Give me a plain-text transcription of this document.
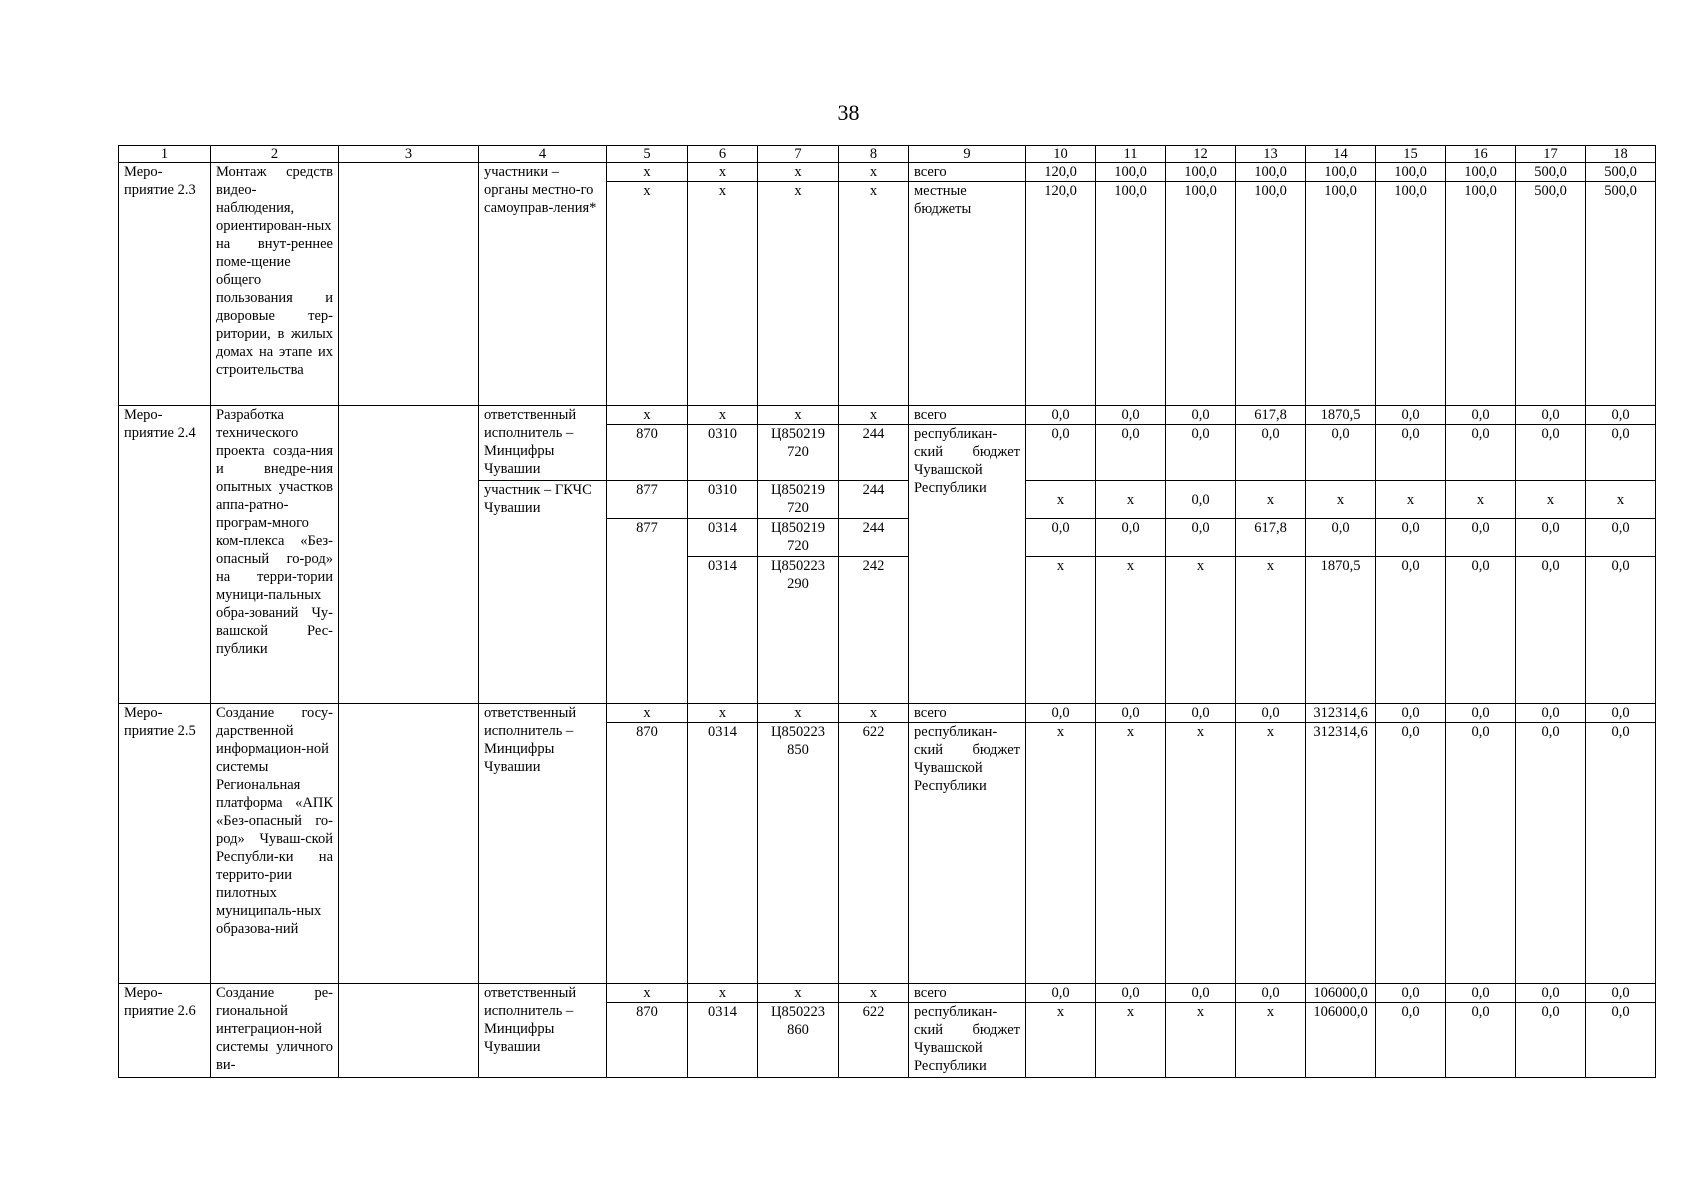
38
1	2	3	4	5	6	7	8	9	10	11	12	13	14	15	16	17	18
Меро-приятие 2.3	Монтаж средств видео-наблюдения, ориентирован-ных на внут-реннее поме-щение общего пользования и дворовые тер-ритории, в жилых домах на этапе их строительства		участники – органы местно-го самоуправ-ления*	x	x	x	x	всего	120,0	100,0	100,0	100,0	100,0	100,0	100,0	500,0	500,0
				x	x	x	x	местные бюджеты	120,0	100,0	100,0	100,0	100,0	100,0	100,0	500,0	500,0
Меро-приятие 2.4	Разработка технического проекта созда-ния и внедре-ния опытных участков аппа-ратно-програм-много ком-плекса «Без-опасный го-род» на терри-тории муници-пальных обра-зований Чу-вашской Рес-публики		ответственный исполнитель – Минцифры Чувашии	x	x	x	x	всего	0,0	0,0	0,0	617,8	1870,5	0,0	0,0	0,0	0,0
				870	0310	Ц850219 720	244	республикан-ский бюджет Чувашской Республики	0,0	0,0	0,0	0,0	0,0	0,0	0,0	0,0	0,0
			участник – ГКЧС Чувашии	877	0310	Ц850219 720	244		x	x	0,0	x	x	x	x	x	x
				877	0314	Ц850219 720	244		0,0	0,0	0,0	617,8	0,0	0,0	0,0	0,0	0,0
					0314	Ц850223 290	242		x	x	x	x	1870,5	0,0	0,0	0,0	0,0
Меро-приятие 2.5	Создание госу-дарственной информацион-ной системы Региональная платформа «АПК «Без-опасный го-род» Чуваш-ской Республи-ки на террито-рии пилотных муниципаль-ных образова-ний		ответственный исполнитель – Минцифры Чувашии	x	x	x	x	всего	0,0	0,0	0,0	0,0	312314,6	0,0	0,0	0,0	0,0
				870	0314	Ц850223 850	622	республикан-ский бюджет Чувашской Республики	x	x	x	x	312314,6	0,0	0,0	0,0	0,0
Меро-приятие 2.6	Создание ре-гиональной интеграцион-ной системы уличного ви-		ответственный исполнитель – Минцифры Чувашии	x	x	x	x	всего	0,0	0,0	0,0	0,0	106000,0	0,0	0,0	0,0	0,0
				870	0314	Ц850223 860	622	республикан-ский бюджет Чувашской Республики	x	x	x	x	106000,0	0,0	0,0	0,0	0,0
